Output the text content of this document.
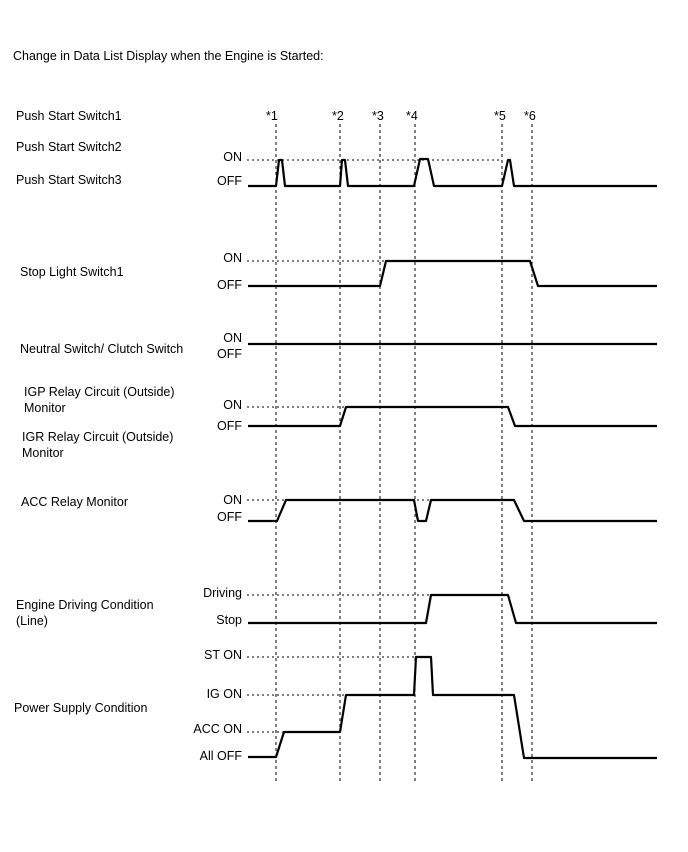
Change in Data List Display when the Engine is Started:
*1	*2 *3 *4	*5 *6
Push Start Switch1
Push Start Switch2
Push Start Switch3
Stop Light Switch1
Neutral Switch/ Clutch Switch
IGP Relay Circuit (Outside)
Monitor
IGR Relay Circuit (Outside)
Monitor
ACC Relay Monitor
Engine Driving Condition
(Line)
Power Supply Condition
ON
OFF
ON
OFF
ON
OFF
ON
OFF
ON
OFF
Driving
Stop
ST ON
IG ON
ACC ON
All OFF
